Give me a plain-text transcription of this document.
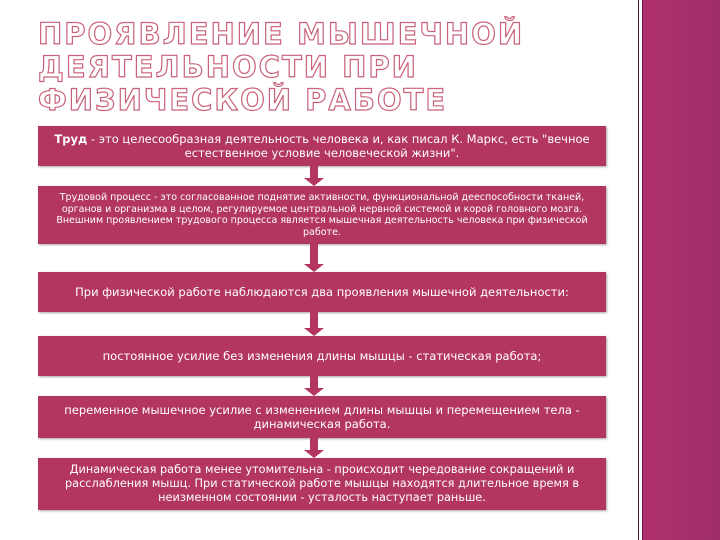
ПРОЯВЛЕНИЕ МЫШЕЧНОЙ ДЕЯТЕЛЬНОСТИ ПРИ ФИЗИЧЕСКОЙ РАБОТЕ
Труд - это целесообразная деятельность человека и, как писал К. Маркс, есть "вечное естественное условие человеческой жизни".
Трудовой процесс - это согласованное поднятие активности, функциональной дееспособности тканей, органов и организма в целом, регулируемое центральной нервной системой и корой головного мозга. Внешним проявлением трудового процесса является мышечная деятельность человека при физической работе.
При физической работе наблюдаются два проявления мышечной деятельности:
постоянное усилие без изменения длины мышцы - статическая работа;
переменное мышечное усилие с изменением длины мышцы и перемещением тела - динамическая работа.
Динамическая работа менее утомительна - происходит чередование сокращений и расслабления мышц. При статической работе мышцы находятся длительное время в неизменном состоянии - усталость наступает раньше.
